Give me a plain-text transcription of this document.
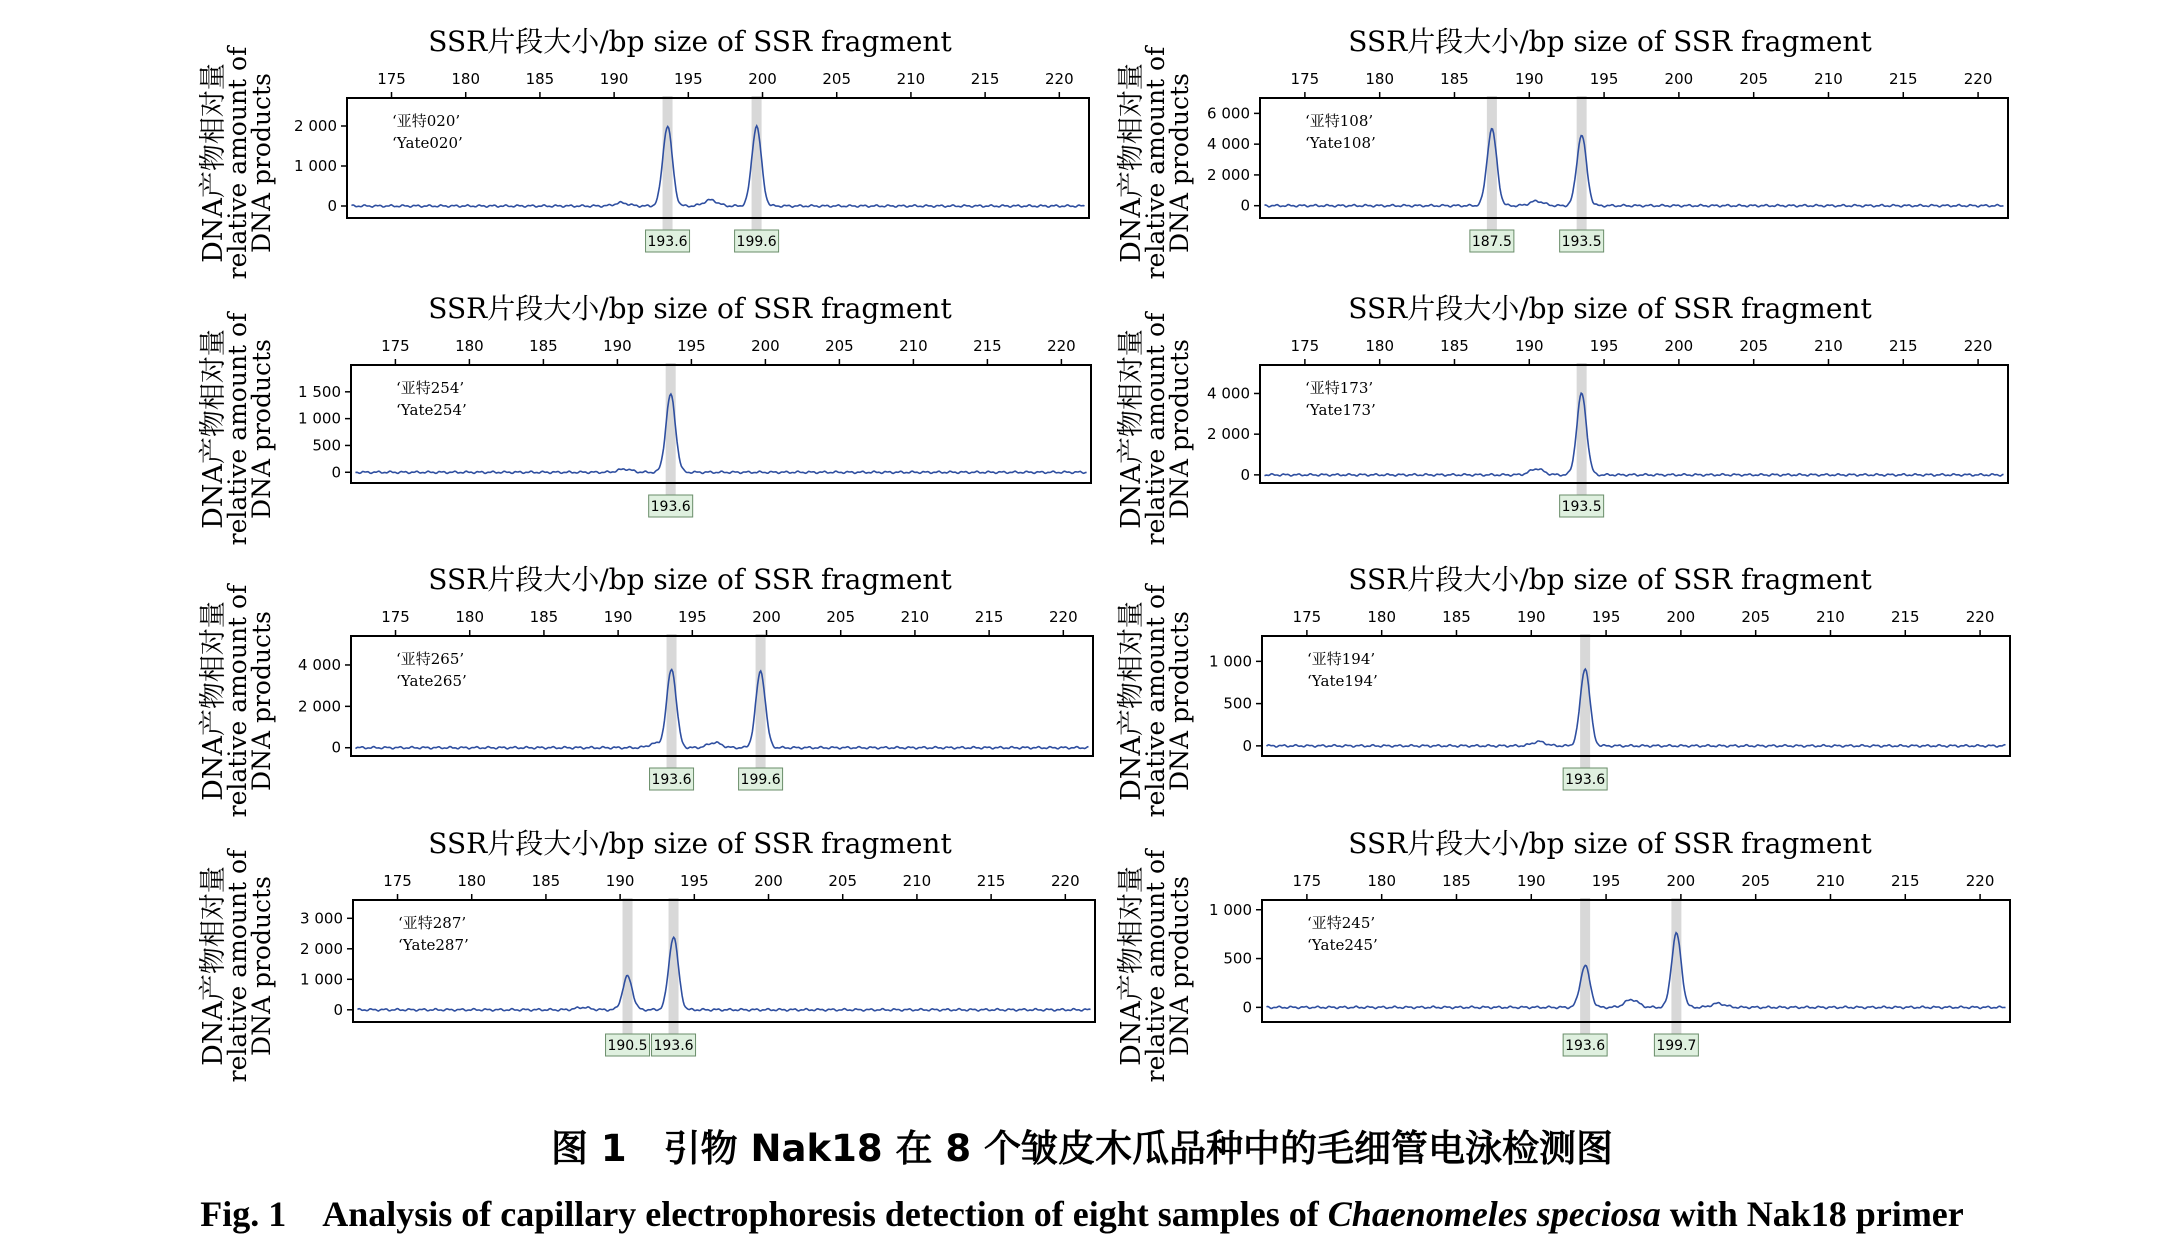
SSR片段大小/bp size of SSR fragment
DNA产物相对量
relative amount of
DNA products	175	180	185	190	195	200	205	210	215	220
0
1 000
2 000	‘亚特020’
‘Yate020’
193.6	199.6
SSR片段大小/bp size of SSR fragment
DNA产物相对量
relative amount of
DNA products	175	180	185	190	195	200	205	210	215	220
0
2 000
4 000
6 000	‘亚特108’
‘Yate108’
187.5	193.5
SSR片段大小/bp size of SSR fragment
DNA产物相对量
relative amount of
DNA products	175	180	185	190	195	200	205	210	215	220
0
500
1 000
1 500	‘亚特254’
‘Yate254’
193.6
SSR片段大小/bp size of SSR fragment
DNA产物相对量
relative amount of
DNA products	175	180	185	190	195	200	205	210	215	220
0
2 000
4 000	‘亚特173’
‘Yate173’
193.5
SSR片段大小/bp size of SSR fragment
DNA产物相对量
relative amount of
DNA products	175	180	185	190	195	200	205	210	215	220
0
2 000
4 000	‘亚特265’
‘Yate265’
193.6	199.6
SSR片段大小/bp size of SSR fragment
DNA产物相对量
relative amount of
DNA products	175	180	185	190	195	200	205	210	215	220
0
500
1 000	‘亚特194’
‘Yate194’
193.6
SSR片段大小/bp size of SSR fragment
DNA产物相对量
relative amount of
DNA products	175	180	185	190	195	200	205	210	215	220
0
1 000
2 000
3 000	‘亚特287’
‘Yate287’
190.5 193.6
SSR片段大小/bp size of SSR fragment
DNA产物相对量
relative amount of
DNA products	175	180	185	190	195	200	205	210	215	220
0
500
1 000
‘亚特245’
‘Yate245’
193.6	199.7
图 1　引物 Nak18 在 8 个皱皮木瓜品种中的毛细管电泳检测图
Fig. 1　Analysis of capillary electrophoresis detection of eight samples of Chaenomeles speciosa with Nak18 primer
